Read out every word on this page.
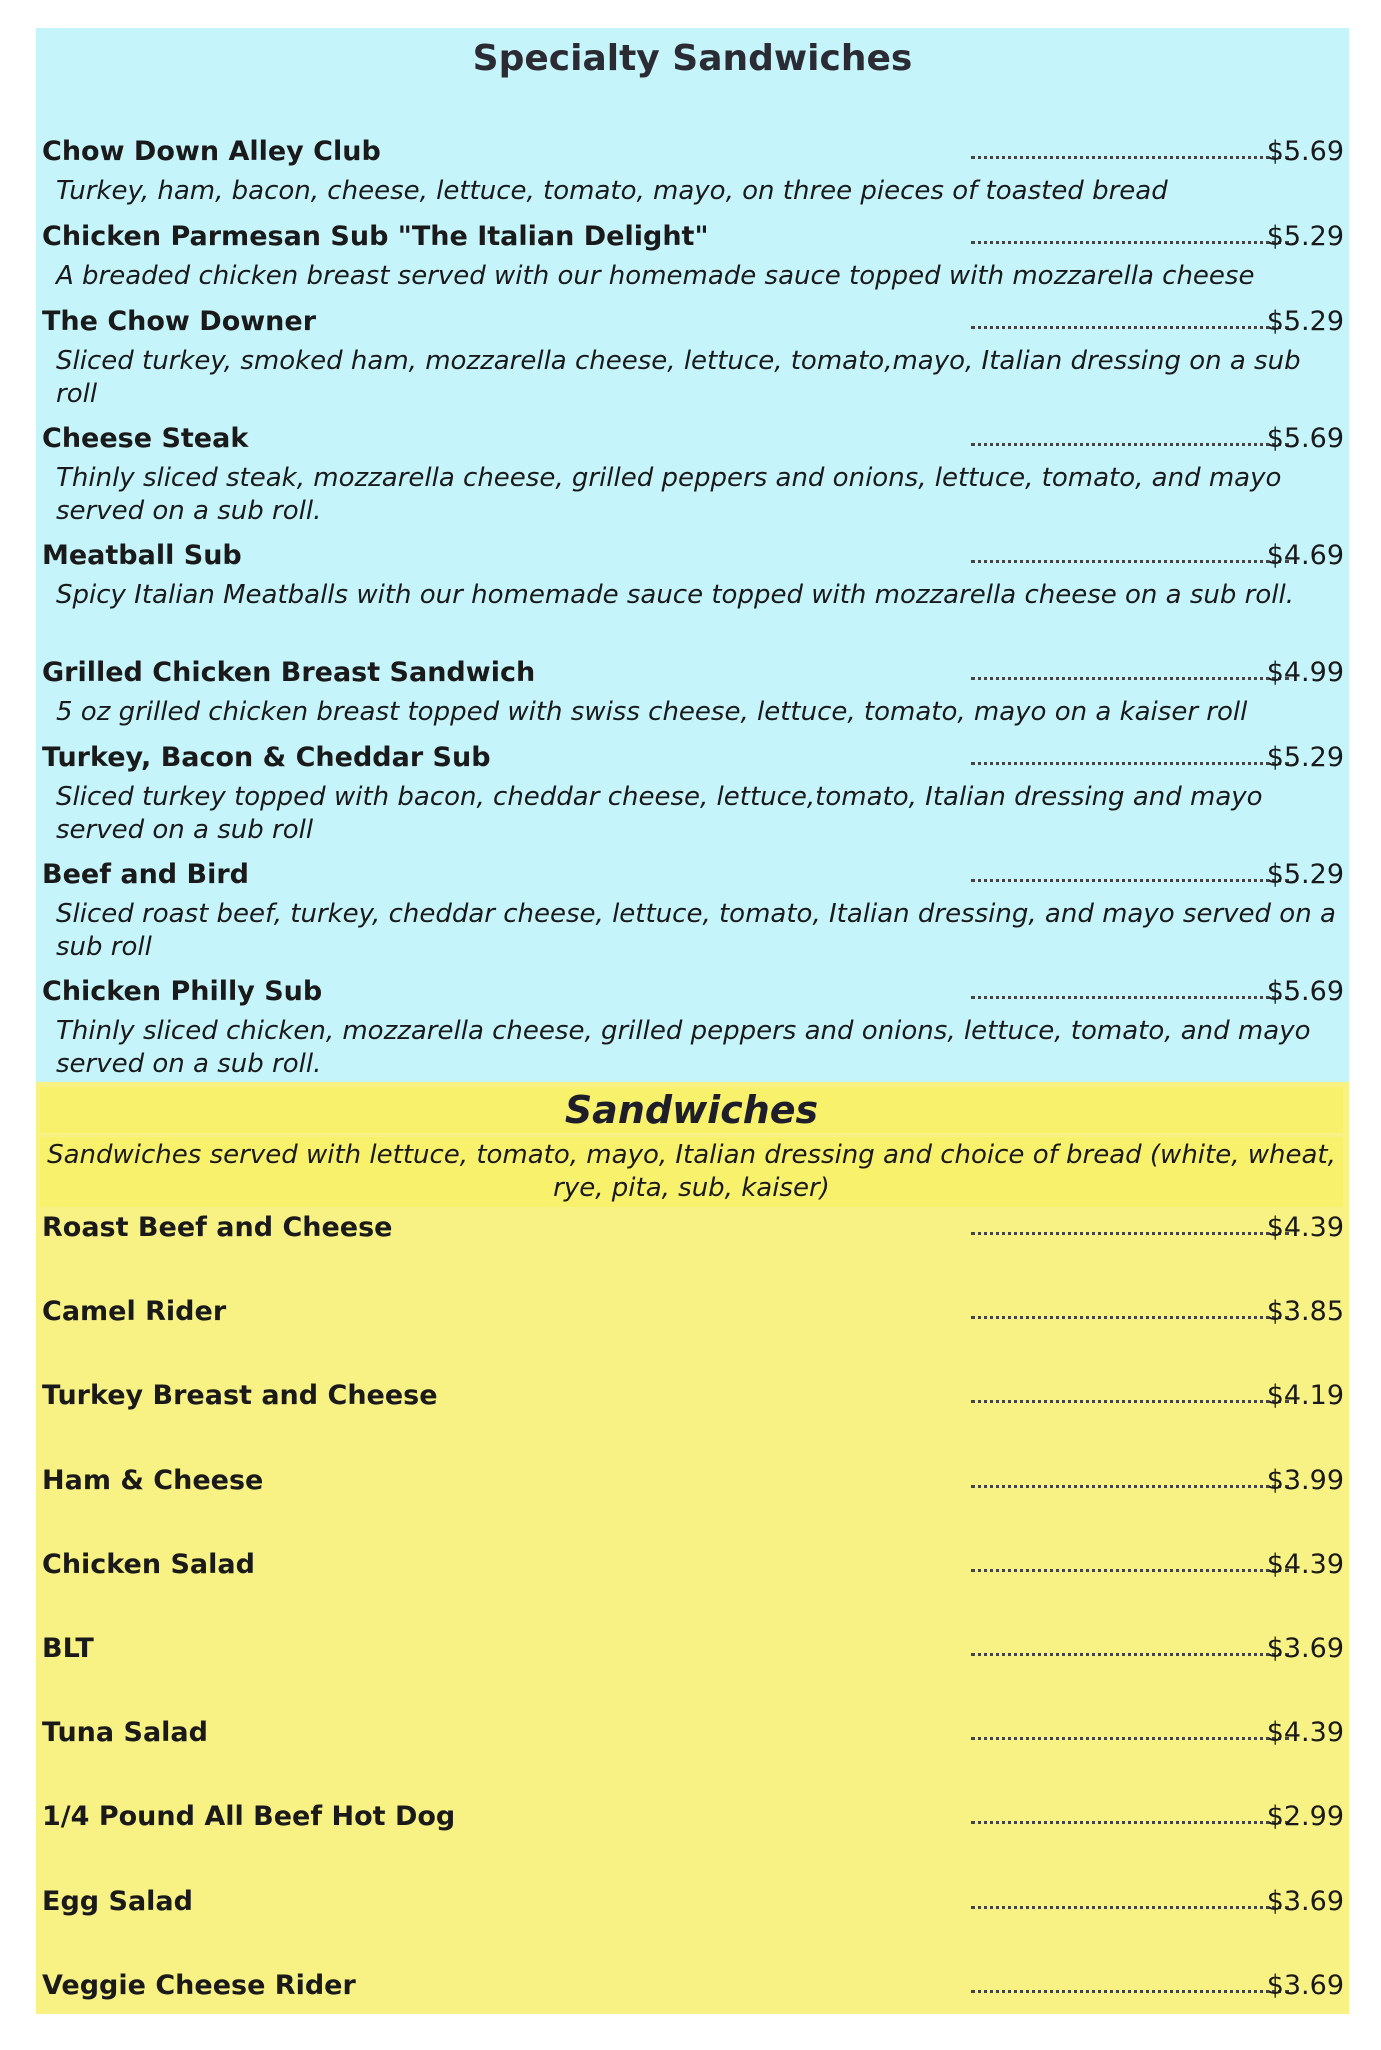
Specialty Sandwiches
Chow Down Alley Club	$5.69
Turkey, ham, bacon, cheese, lettuce, tomato, mayo, on three pieces of toasted bread
Chicken Parmesan Sub "The Italian Delight"	$5.29
A breaded chicken breast served with our homemade sauce topped with mozzarella cheese
The Chow Downer	$5.29
Sliced turkey, smoked ham, mozzarella cheese, lettuce, tomato,mayo, Italian dressing on a sub roll
Cheese Steak	$5.69
Thinly sliced steak, mozzarella cheese, grilled peppers and onions, lettuce, tomato, and mayo served on a sub roll.
Meatball Sub	$4.69
Spicy Italian Meatballs with our homemade sauce topped with mozzarella cheese on a sub roll.
Grilled Chicken Breast Sandwich	$4.99
5 oz grilled chicken breast topped with swiss cheese, lettuce, tomato, mayo on a kaiser roll
Turkey, Bacon & Cheddar Sub	$5.29
Sliced turkey topped with bacon, cheddar cheese, lettuce,tomato, Italian dressing and mayo served on a sub roll
Beef and Bird	$5.29
Sliced roast beef, turkey, cheddar cheese, lettuce, tomato, Italian dressing, and mayo served on a sub roll
Chicken Philly Sub	$5.69
Thinly sliced chicken, mozzarella cheese, grilled peppers and onions, lettuce, tomato, and mayo served on a sub roll.
Sandwiches
Sandwiches served with lettuce, tomato, mayo, Italian dressing and choice of bread (white, wheat, rye, pita, sub, kaiser)
Roast Beef and Cheese	$4.39
Camel Rider	$3.85
Turkey Breast and Cheese	$4.19
Ham & Cheese	$3.99
Chicken Salad	$4.39
BLT	$3.69
Tuna Salad	$4.39
1/4 Pound All Beef Hot Dog	$2.99
Egg Salad	$3.69
Veggie Cheese Rider	$3.69
